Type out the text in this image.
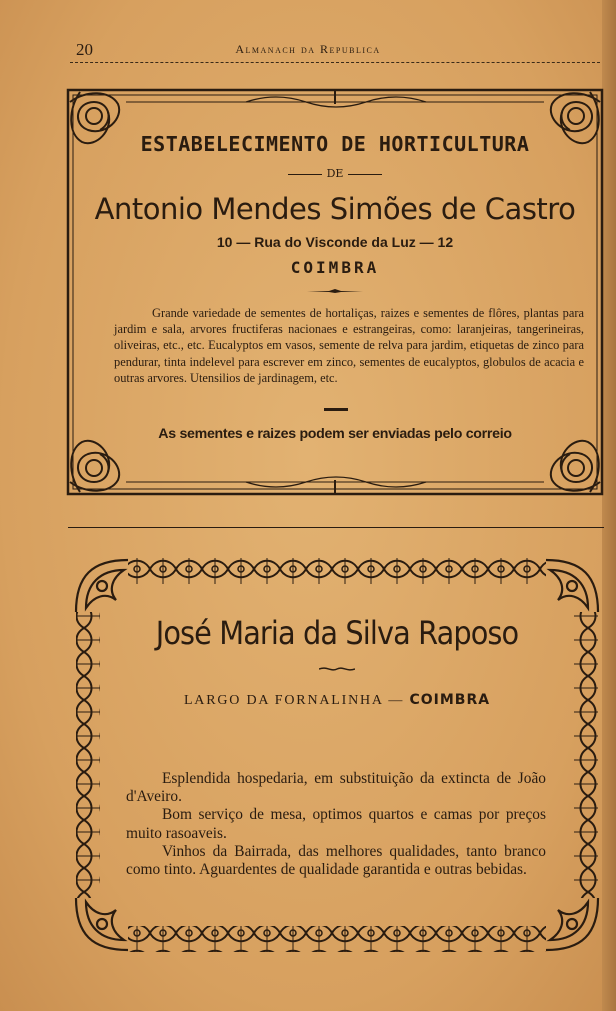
20	Almanach da Republica
ESTABELECIMENTO DE HORTICULTURA
DE
Antonio Mendes Simões de Castro
10 — Rua do Visconde da Luz — 12
COIMBRA
Grande variedade de sementes de hortaliças, raizes e sementes de flôres, plantas para jardim e sala, arvores fructiferas nacionaes e estrangeiras, como: laranjeiras, tangerineiras, oliveiras, etc., etc. Eucalyptos em vasos, semente de relva para jardim, etiquetas de zinco para pendurar, tinta indelevel para escrever em zinco, sementes de eucalyptos, globulos de acacia e outras arvores. Utensilios de jardinagem, etc.
As sementes e raizes podem ser enviadas pelo correio
José Maria da Silva Raposo
LARGO DA FORNALINHA — COIMBRA

Esplendida hospedaria, em substituição da extincta de João d'Aveiro.

Bom serviço de mesa, optimos quartos e camas por preços muito rasoaveis.

Vinhos da Bairrada, das melhores qualidades, tanto branco como tinto. Aguardentes de qualidade garantida e outras bebidas.
